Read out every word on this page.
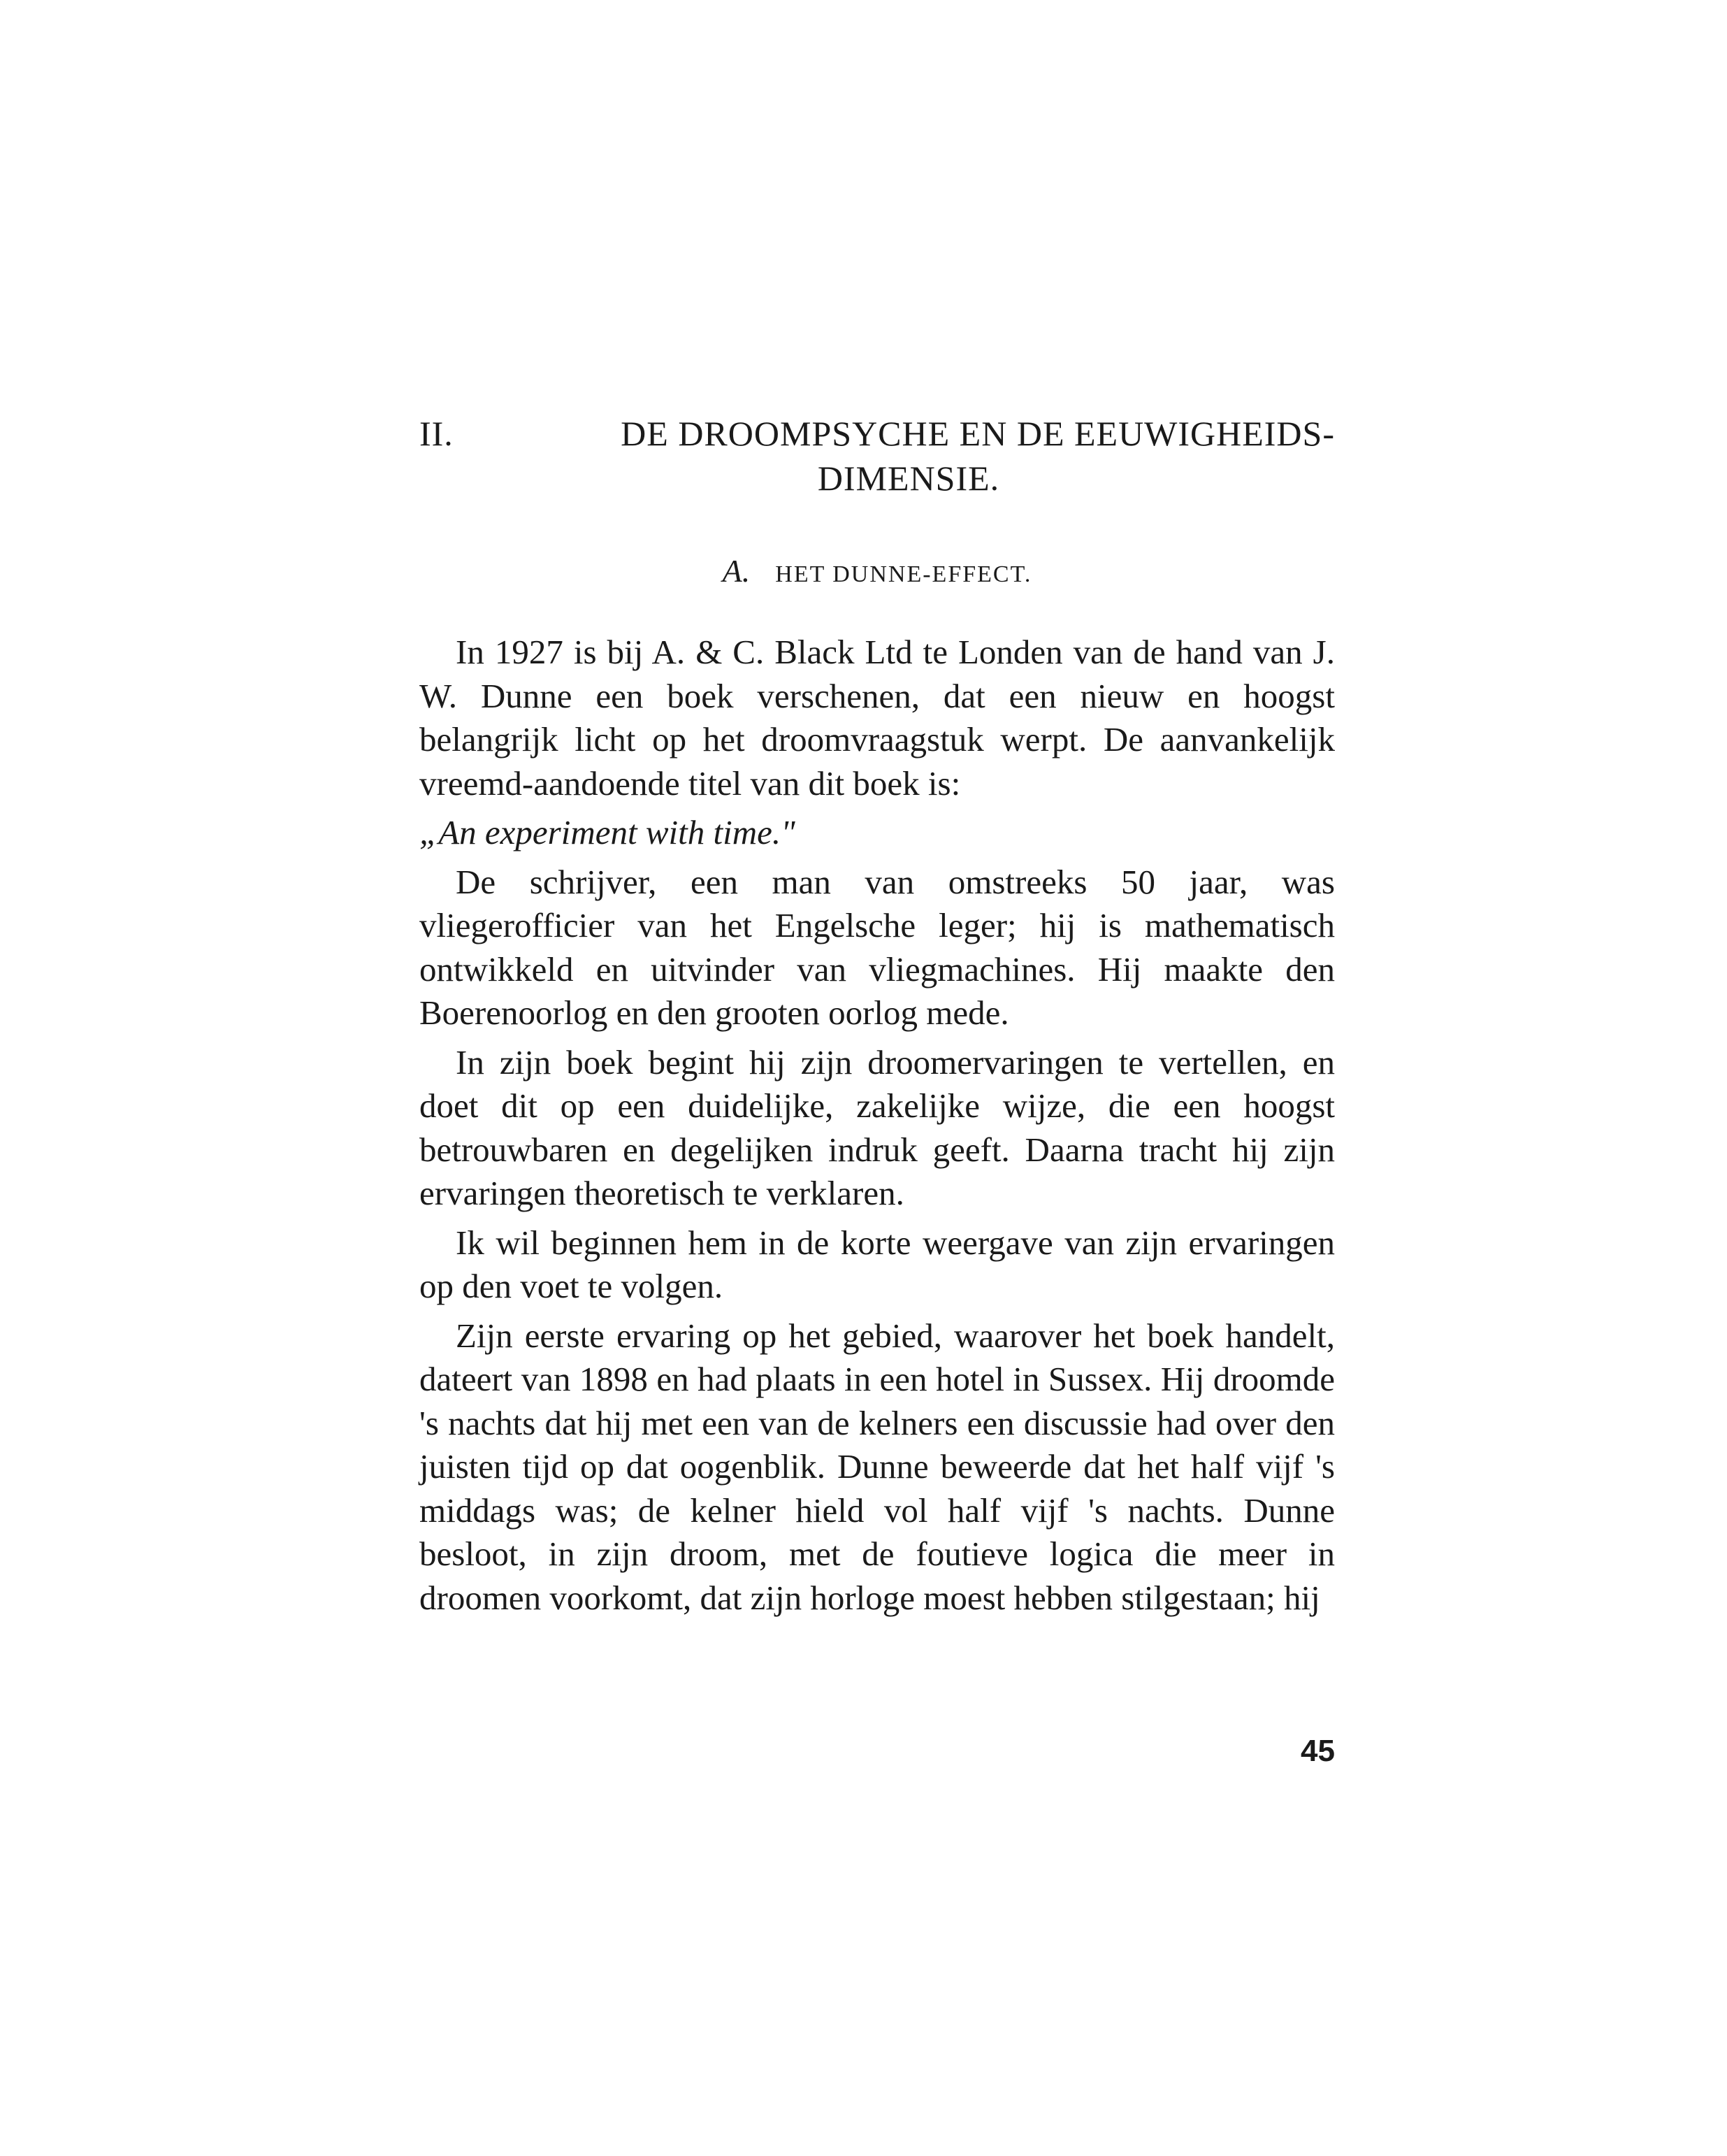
II.	DE DROOMPSYCHE EN DE EEUWIGHEIDS-
DIMENSIE.
A. HET DUNNE-EFFECT.

In 1927 is bij A. & C. Black Ltd te Londen van de hand van J. W. Dunne een boek verschenen, dat een nieuw en hoogst belangrijk licht op het droomvraagstuk werpt. De aanvankelijk vreemd-aandoende titel van dit boek is:

„An experiment with time."

De schrijver, een man van omstreeks 50 jaar, was vliegerofficier van het Engelsche leger; hij is mathematisch ontwikkeld en uitvinder van vliegmachines. Hij maakte den Boerenoorlog en den grooten oorlog mede.

In zijn boek begint hij zijn droomervaringen te vertellen, en doet dit op een duidelijke, zakelijke wijze, die een hoogst betrouwbaren en degelijken indruk geeft. Daarna tracht hij zijn ervaringen theoretisch te verklaren.

Ik wil beginnen hem in de korte weergave van zijn ervaringen op den voet te volgen.

Zijn eerste ervaring op het gebied, waarover het boek handelt, dateert van 1898 en had plaats in een hotel in Sussex. Hij droomde 's nachts dat hij met een van de kelners een discussie had over den juisten tijd op dat oogenblik. Dunne beweerde dat het half vijf 's middags was; de kelner hield vol half vijf 's nachts. Dunne besloot, in zijn droom, met de foutieve logica die meer in droomen voorkomt, dat zijn horloge moest hebben stilgestaan; hij

45
